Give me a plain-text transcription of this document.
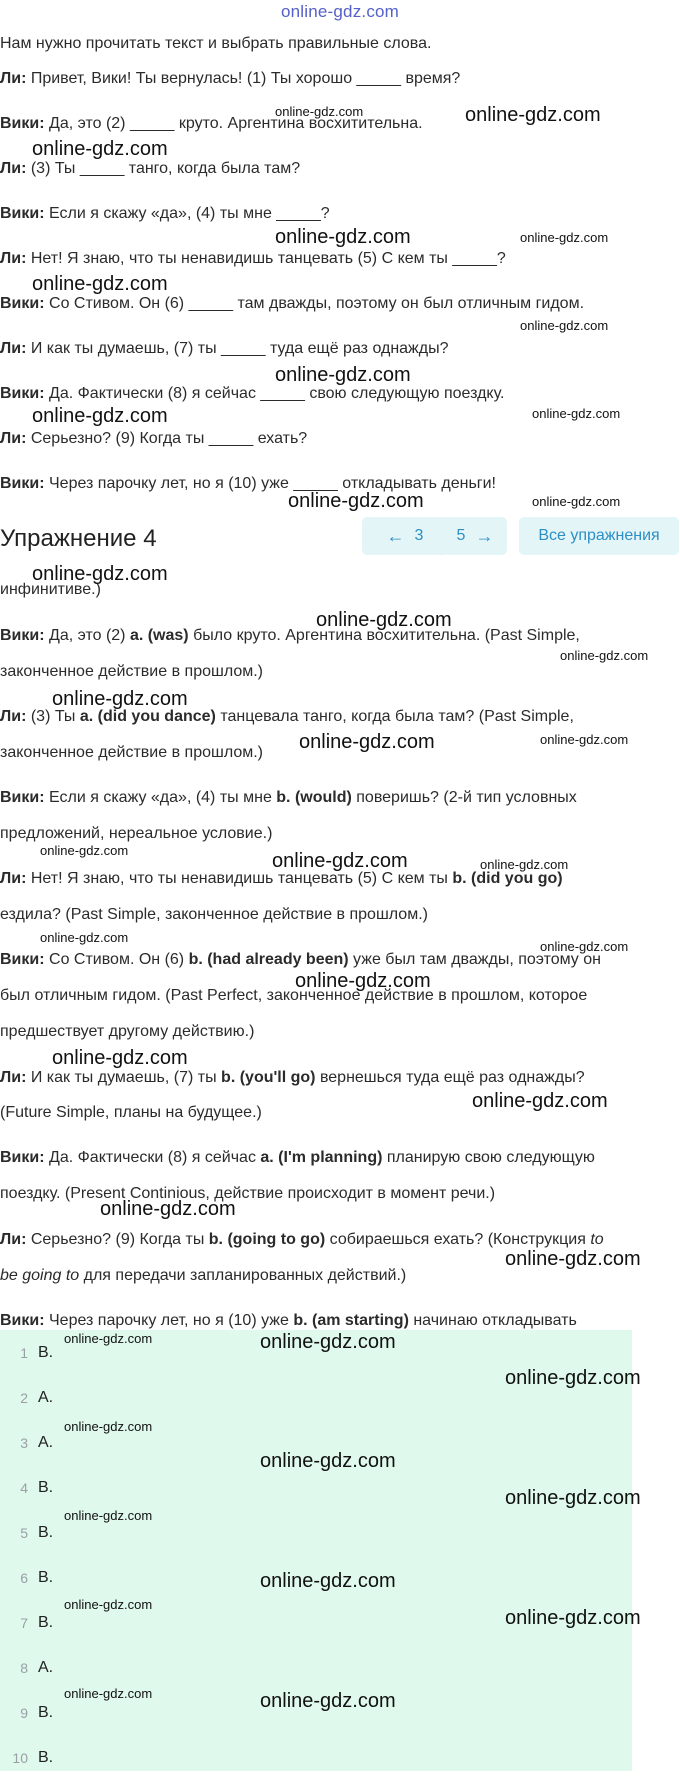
online-gdz.com
Нам нужно прочитать текст и выбрать правильные слова.
Ли: Привет, Вики! Ты вернулась! (1) Ты хорошо _____ время?
Вики: Да, это (2) _____ круто. Аргентина восхитительна.
Ли: (3) Ты _____ танго, когда была там?
Вики: Если я скажу «да», (4) ты мне _____?
Ли: Нет! Я знаю, что ты ненавидишь танцевать (5) С кем ты _____?
Вики: Со Стивом. Он (6) _____ там дважды, поэтому он был отличным гидом.
Ли: И как ты думаешь, (7) ты _____ туда ещё раз однажды?
Вики: Да. Фактически (8) я сейчас _____ свою следующую поездку.
Ли: Серьезно? (9) Когда ты _____ ехать?
Вики: Через парочку лет, но я (10) уже _____ откладывать деньги!
Упражнение 4	← 3 5 →	Все упражнения
инфинитиве.)
Вики: Да, это (2) a. (was) было круто. Аргентина восхитительна. (Past Simple,
законченное действие в прошлом.)
Ли: (3) Ты a. (did you dance) танцевала танго, когда была там? (Past Simple,
законченное действие в прошлом.)
Вики: Если я скажу «да», (4) ты мне b. (would) поверишь? (2-й тип условных
предложений, нереальное условие.)
Ли: Нет! Я знаю, что ты ненавидишь танцевать (5) С кем ты b. (did you go)
ездила? (Past Simple, законченное действие в прошлом.)
Вики: Со Стивом. Он (6) b. (had already been) уже был там дважды, поэтому он
был отличным гидом. (Past Perfect, законченное действие в прошлом, которое
предшествует другому действию.)
Ли: И как ты думаешь, (7) ты b. (you'll go) вернешься туда ещё раз однажды?
(Future Simple, планы на будущее.)
Вики: Да. Фактически (8) я сейчас a. (I'm planning) планирую свою следующую
поездку. (Present Continious, действие происходит в момент речи.)
Ли: Серьезно? (9) Когда ты b. (going to go) собираешься ехать? (Конструкция to
be going to для передачи запланированных действий.)
Вики: Через парочку лет, но я (10) уже b. (am starting) начинаю откладывать
1 B.
2 A.
3 A.
4 B.
5 B.
6 B.
7 B.
8 A.
9 B.
10 B.
online-gdz.com	online-gdz.com
online-gdz.com
online-gdz.com	online-gdz.com
online-gdz.com
online-gdz.com
online-gdz.com
online-gdz.com	online-gdz.com
online-gdz.com	online-gdz.com
online-gdz.com
online-gdz.com
online-gdz.com
online-gdz.com
online-gdz.com	online-gdz.com
online-gdz.com	online-gdz.com	online-gdz.com
online-gdz.com
online-gdz.com
online-gdz.com
online-gdz.com
online-gdz.com
online-gdz.com
online-gdz.com
online-gdz.com	online-gdz.com
online-gdz.com
online-gdz.com
online-gdz.com
online-gdz.com
online-gdz.com
online-gdz.com
online-gdz.com
online-gdz.com
online-gdz.com	online-gdz.com
